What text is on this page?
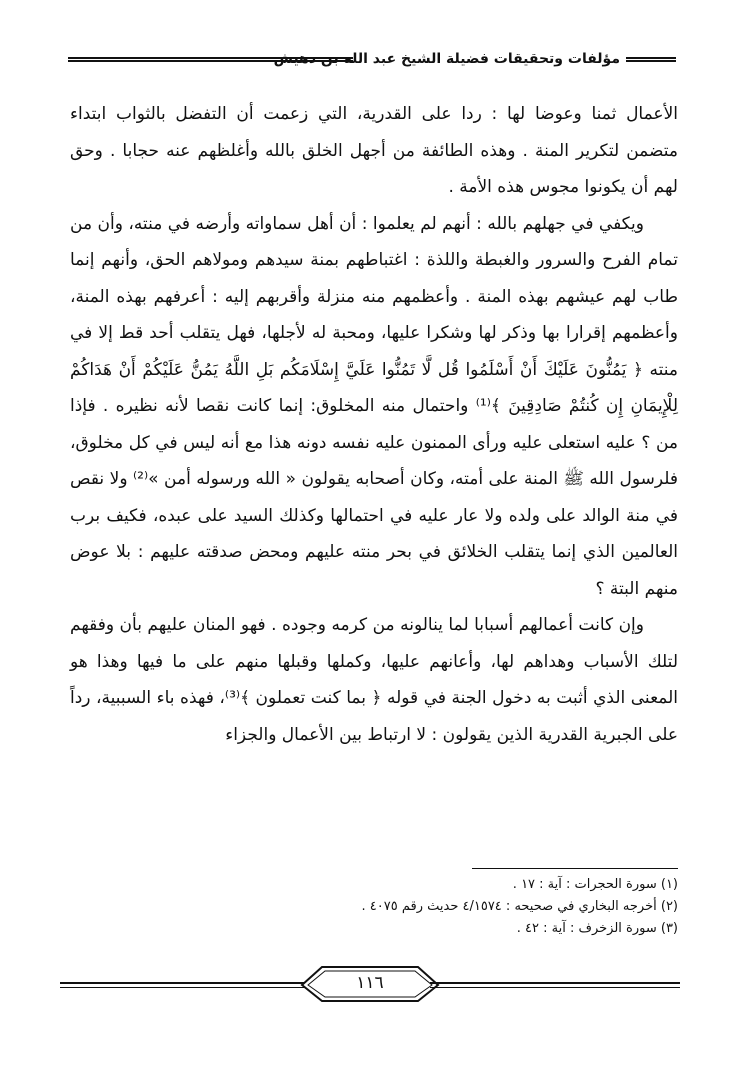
مؤلفات وتحقيقات فضيلة الشيخ عبد الله بن دهيش

الأعمال ثمنا وعوضا لها : ردا على القدرية، التي زعمت أن التفضل بالثواب ابتداء متضمن لتكرير المنة . وهذه الطائفة من أجهل الخلق بالله وأغلظهم عنه حجابا . وحق لهم أن يكونوا مجوس هذه الأمة .

ويكفي في جهلهم بالله : أنهم لم يعلموا : أن أهل سماواته وأرضه في منته، وأن من تمام الفرح والسرور والغبطة واللذة : اغتباطهم بمنة سيدهم ومولاهم الحق، وأنهم إنما طاب لهم عيشهم بهذه المنة . وأعظمهم منه منزلة وأقربهم إليه : أعرفهم بهذه المنة، وأعظمهم إقرارا بها وذكر لها وشكرا عليها، ومحبة له لأجلها، فهل يتقلب أحد قط إلا في منته ﴿ يَمُنُّونَ عَلَيْكَ أَنْ أَسْلَمُوا قُل لَّا تَمُنُّوا عَلَيَّ إِسْلَامَكُم بَلِ اللَّهُ يَمُنُّ عَلَيْكُمْ أَنْ هَدَاكُمْ لِلْإِيمَانِ إِن كُنتُمْ صَادِقِينَ ﴾⁽¹⁾ واحتمال منه المخلوق: إنما كانت نقصا لأنه نظيره . فإذا من ؟ عليه استعلى عليه ورأى الممنون عليه نفسه دونه هذا مع أنه ليس في كل مخلوق، فلرسول الله ﷺ المنة على أمته، وكان أصحابه يقولون « الله ورسوله أمن »⁽²⁾ ولا نقص في منة الوالد على ولده ولا عار عليه في احتمالها وكذلك السيد على عبده، فكيف برب العالمين الذي إنما يتقلب الخلائق في بحر منته عليهم ومحض صدقته عليهم : بلا عوض منهم البتة ؟

وإن كانت أعمالهم أسبابا لما ينالونه من كرمه وجوده . فهو المنان عليهم بأن وفقهم لتلك الأسباب وهداهم لها، وأعانهم عليها، وكملها وقبلها منهم على ما فيها وهذا هو المعنى الذي أثبت به دخول الجنة في قوله ﴿ بما كنت تعملون ﴾⁽³⁾، فهذه باء السببية، رداً على الجبرية القدرية الذين يقولون : لا ارتباط بين الأعمال والجزاء

(١) سورة الحجرات : آية : ١٧ .
(٢) أخرجه البخاري في صحيحه : ٤/١٥٧٤ حديث رقم ٤٠٧٥ .
(٣) سورة الزخرف : آية : ٤٢ .
١١٦
